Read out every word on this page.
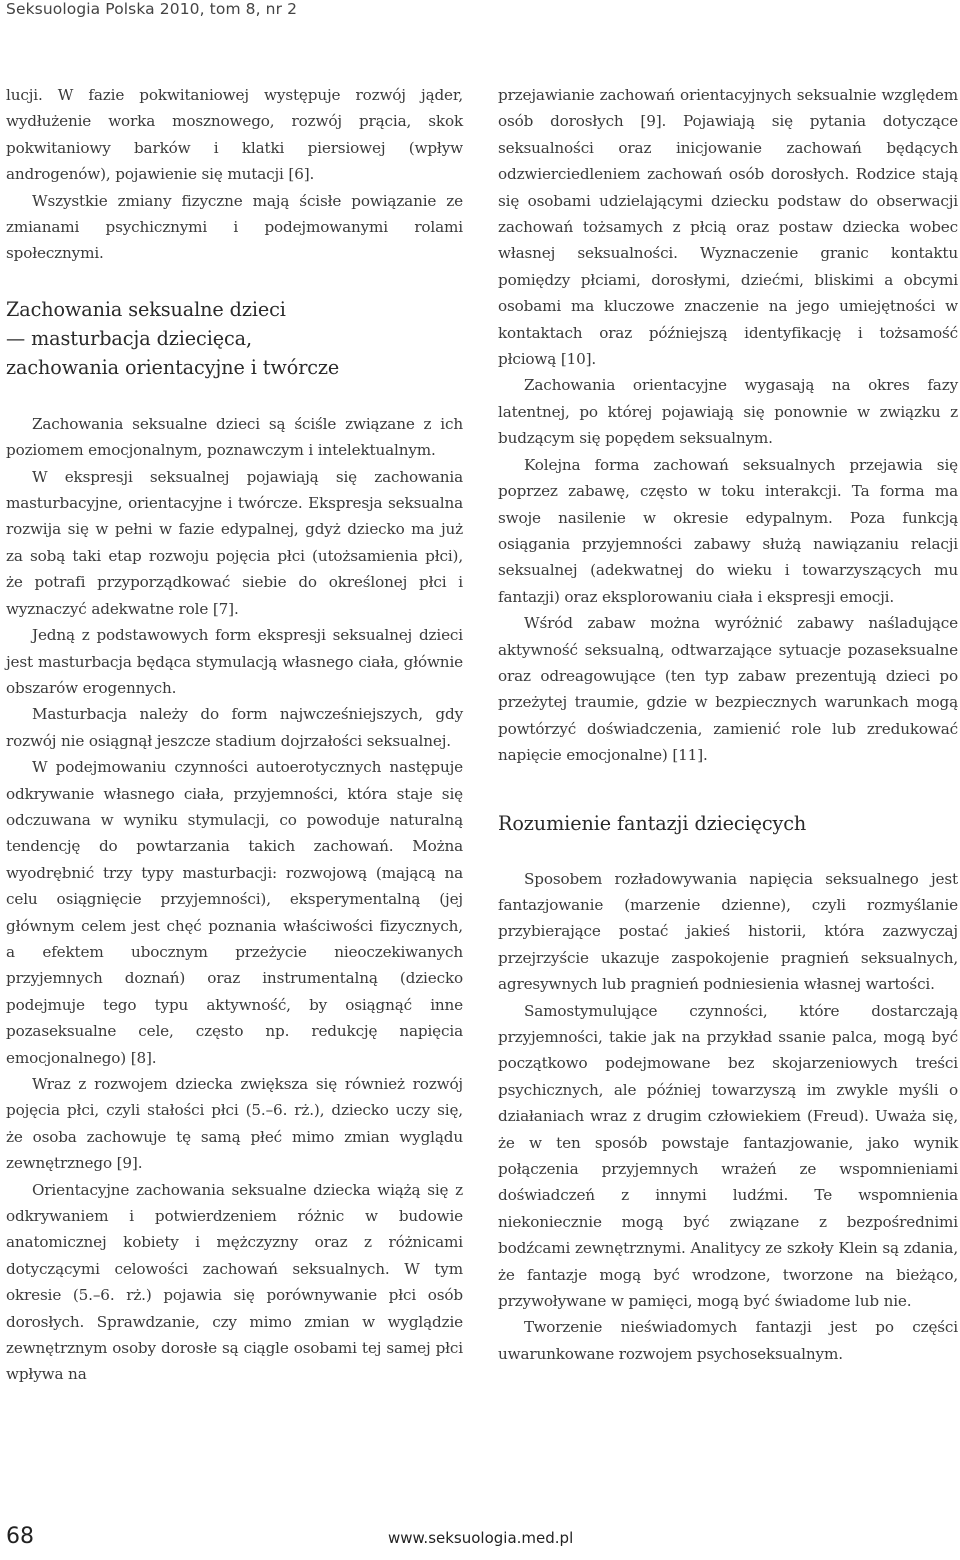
Seksuologia Polska 2010, tom 8, nr 2

lucji. W fazie pokwitaniowej występuje rozwój jąder, wydłużenie worka mosznowego, rozwój prącia, skok pokwitaniowy barków i klatki piersiowej (wpływ androgenów), pojawienie się mutacji [6].

Wszystkie zmiany fizyczne mają ścisłe powiązanie ze zmianami psychicznymi i podejmowanymi rolami społecznymi.

Zachowania seksualne dzieci
— masturbacja dziecięca,
zachowania orientacyjne i twórcze

Zachowania seksualne dzieci są ściśle związane z ich poziomem emocjonalnym, poznawczym i intelektualnym.

W ekspresji seksualnej pojawiają się zachowania masturbacyjne, orientacyjne i twórcze. Ekspresja seksualna rozwija się w pełni w fazie edypalnej, gdyż dziecko ma już za sobą taki etap rozwoju pojęcia płci (utożsamienia płci), że potrafi przyporządkować siebie do określonej płci i wyznaczyć adekwatne role [7].

Jedną z podstawowych form ekspresji seksualnej dzieci jest masturbacja będąca stymulacją własnego ciała, głównie obszarów erogennych.

Masturbacja należy do form najwcześniejszych, gdy rozwój nie osiągnął jeszcze stadium dojrzałości seksualnej.

W podejmowaniu czynności autoerotycznych następuje odkrywanie własnego ciała, przyjemności, która staje się odczuwana w wyniku stymulacji, co powoduje naturalną tendencję do powtarzania takich zachowań. Można wyodrębnić trzy typy masturbacji: rozwojową (mającą na celu osiągnięcie przyjemności), eksperymentalną (jej głównym celem jest chęć poznania właściwości fizycznych, a efektem ubocznym przeżycie nieoczekiwanych przyjemnych doznań) oraz instrumentalną (dziecko podejmuje tego typu aktywność, by osiągnąć inne pozaseksualne cele, często np. redukcję napięcia emocjonalnego) [8].

Wraz z rozwojem dziecka zwiększa się również rozwój pojęcia płci, czyli stałości płci (5.–6. rż.), dziecko uczy się, że osoba zachowuje tę samą płeć mimo zmian wyglądu zewnętrznego [9].

Orientacyjne zachowania seksualne dziecka wiążą się z odkrywaniem i potwierdzeniem różnic w budowie anatomicznej kobiety i mężczyzny oraz z różnicami dotyczącymi celowości zachowań seksualnych. W tym okresie (5.–6. rż.) pojawia się porównywanie płci osób dorosłych. Sprawdzanie, czy mimo zmian w wyglądzie zewnętrznym osoby dorosłe są ciągle osobami tej samej płci wpływa na

przejawianie zachowań orientacyjnych seksualnie względem osób dorosłych [9]. Pojawiają się pytania dotyczące seksualności oraz inicjowanie zachowań będących odzwierciedleniem zachowań osób dorosłych. Rodzice stają się osobami udzielającymi dziecku podstaw do obserwacji zachowań tożsamych z płcią oraz postaw dziecka wobec własnej seksualności. Wyznaczenie granic kontaktu pomiędzy płciami, dorosłymi, dziećmi, bliskimi a obcymi osobami ma kluczowe znaczenie na jego umiejętności w kontaktach oraz późniejszą identyfikację i tożsamość płciową [10].

Zachowania orientacyjne wygasają na okres fazy latentnej, po której pojawiają się ponownie w związku z budzącym się popędem seksualnym.

Kolejna forma zachowań seksualnych przejawia się poprzez zabawę, często w toku interakcji. Ta forma ma swoje nasilenie w okresie edypalnym. Poza funkcją osiągania przyjemności zabawy służą nawiązaniu relacji seksualnej (adekwatnej do wieku i towarzyszących mu fantazji) oraz eksplorowaniu ciała i ekspresji emocji.

Wśród zabaw można wyróżnić zabawy naśladujące aktywność seksualną, odtwarzające sytuacje pozaseksualne oraz odreagowujące (ten typ zabaw prezentują dzieci po przeżytej traumie, gdzie w bezpiecznych warunkach mogą powtórzyć doświadczenia, zamienić role lub zredukować napięcie emocjonalne) [11].

Rozumienie fantazji dziecięcych

Sposobem rozładowywania napięcia seksualnego jest fantazjowanie (marzenie dzienne), czyli rozmyślanie przybierające postać jakieś historii, która zazwyczaj przejrzyście ukazuje zaspokojenie pragnień seksualnych, agresywnych lub pragnień podniesienia własnej wartości.

Samostymulujące czynności, które dostarczają przyjemności, takie jak na przykład ssanie palca, mogą być początkowo podejmowane bez skojarzeniowych treści psychicznych, ale później towarzyszą im zwykle myśli o działaniach wraz z drugim człowiekiem (Freud). Uważa się, że w ten sposób powstaje fantazjowanie, jako wynik połączenia przyjemnych wrażeń ze wspomnieniami doświadczeń z innymi ludźmi. Te wspomnienia niekoniecznie mogą być związane z bezpośrednimi bodźcami zewnętrznymi. Analitycy ze szkoły Klein są zdania, że fantazje mogą być wrodzone, tworzone na bieżąco, przywoływane w pamięci, mogą być świadome lub nie.

Tworzenie nieświadomych fantazji jest po części uwarunkowane rozwojem psychoseksualnym.

68	www.seksuologia.med.pl
